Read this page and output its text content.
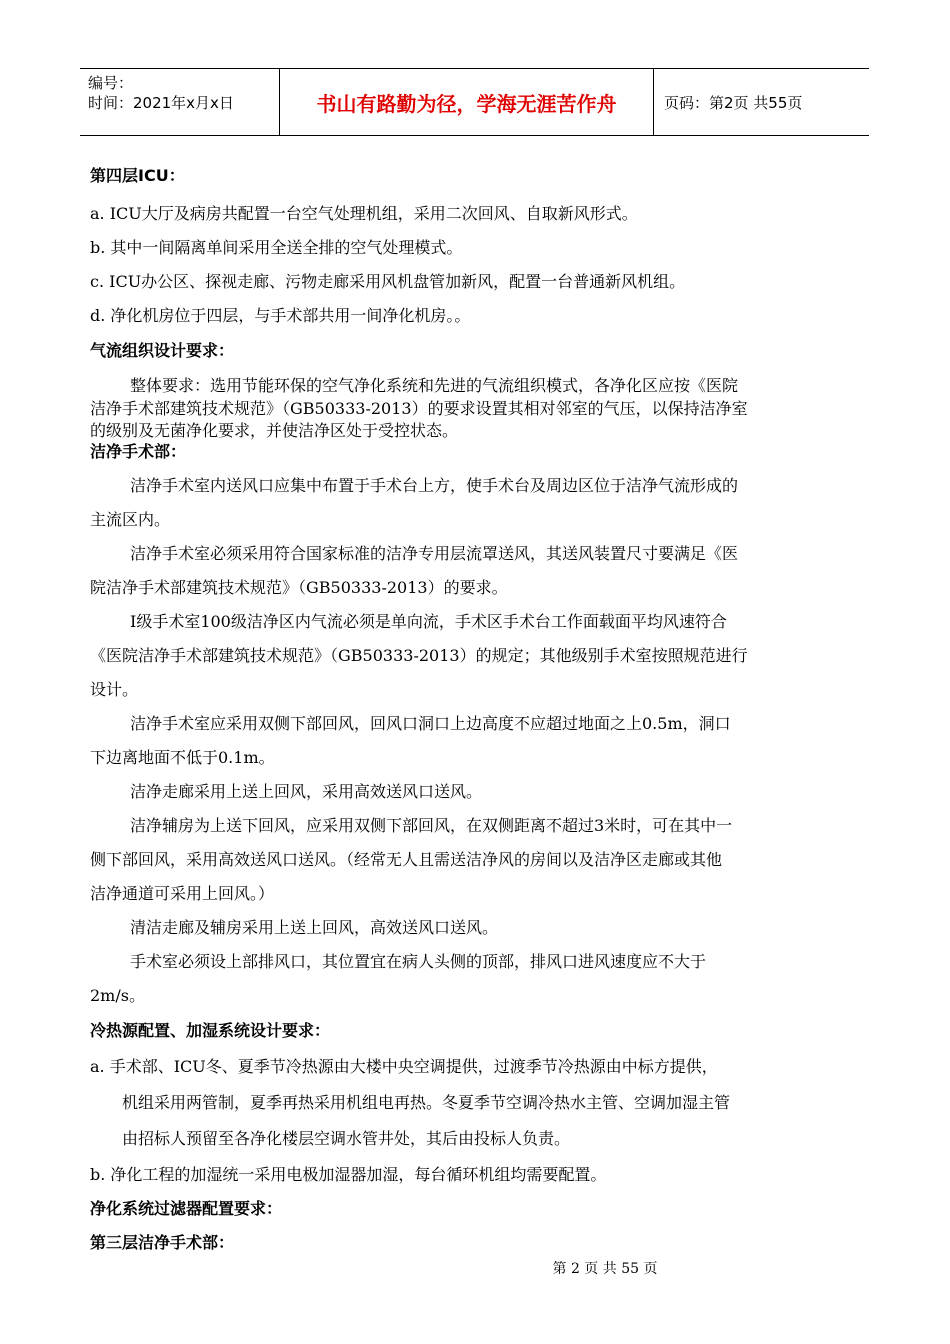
编号：
时间：2021年x月x日	书山有路勤为径，学海无涯苦作舟	页码：第2页 共55页
第四层ICU：
a. ICU大厅及病房共配置一台空气处理机组，采用二次回风、自取新风形式。
b. 其中一间隔离单间采用全送全排的空气处理模式。
c. ICU办公区、探视走廊、污物走廊采用风机盘管加新风，配置一台普通新风机组。
d. 净化机房位于四层，与手术部共用一间净化机房。。
气流组织设计要求：
整体要求：选用节能环保的空气净化系统和先进的气流组织模式，各净化区应按《医院
洁净手术部建筑技术规范》（GB50333-2013）的要求设置其相对邻室的气压，以保持洁净室
的级别及无菌净化要求，并使洁净区处于受控状态。
洁净手术部：
洁净手术室内送风口应集中布置于手术台上方，使手术台及周边区位于洁净气流形成的
主流区内。
洁净手术室必须采用符合国家标准的洁净专用层流罩送风，其送风装置尺寸要满足《医
院洁净手术部建筑技术规范》（GB50333-2013）的要求。
I级手术室100级洁净区内气流必须是单向流，手术区手术台工作面载面平均风速符合
《医院洁净手术部建筑技术规范》（GB50333-2013）的规定；其他级别手术室按照规范进行
设计。
洁净手术室应采用双侧下部回风，回风口洞口上边高度不应超过地面之上0.5m，洞口
下边离地面不低于0.1m。
洁净走廊采用上送上回风，采用高效送风口送风。
洁净辅房为上送下回风，应采用双侧下部回风，在双侧距离不超过3米时，可在其中一
侧下部回风，采用高效送风口送风。（经常无人且需送洁净风的房间以及洁净区走廊或其他
洁净通道可采用上回风。）
清洁走廊及辅房采用上送上回风，高效送风口送风。
手术室必须设上部排风口，其位置宜在病人头侧的顶部，排风口进风速度应不大于
2m/s。
冷热源配置、加湿系统设计要求：
a. 手术部、ICU冬、夏季节冷热源由大楼中央空调提供，过渡季节冷热源由中标方提供，
机组采用两管制，夏季再热采用机组电再热。冬夏季节空调冷热水主管、空调加湿主管
由招标人预留至各净化楼层空调水管井处，其后由投标人负责。
b. 净化工程的加湿统一采用电极加湿器加湿，每台循环机组均需要配置。
净化系统过滤器配置要求：
第三层洁净手术部：
第 2 页 共 55 页
